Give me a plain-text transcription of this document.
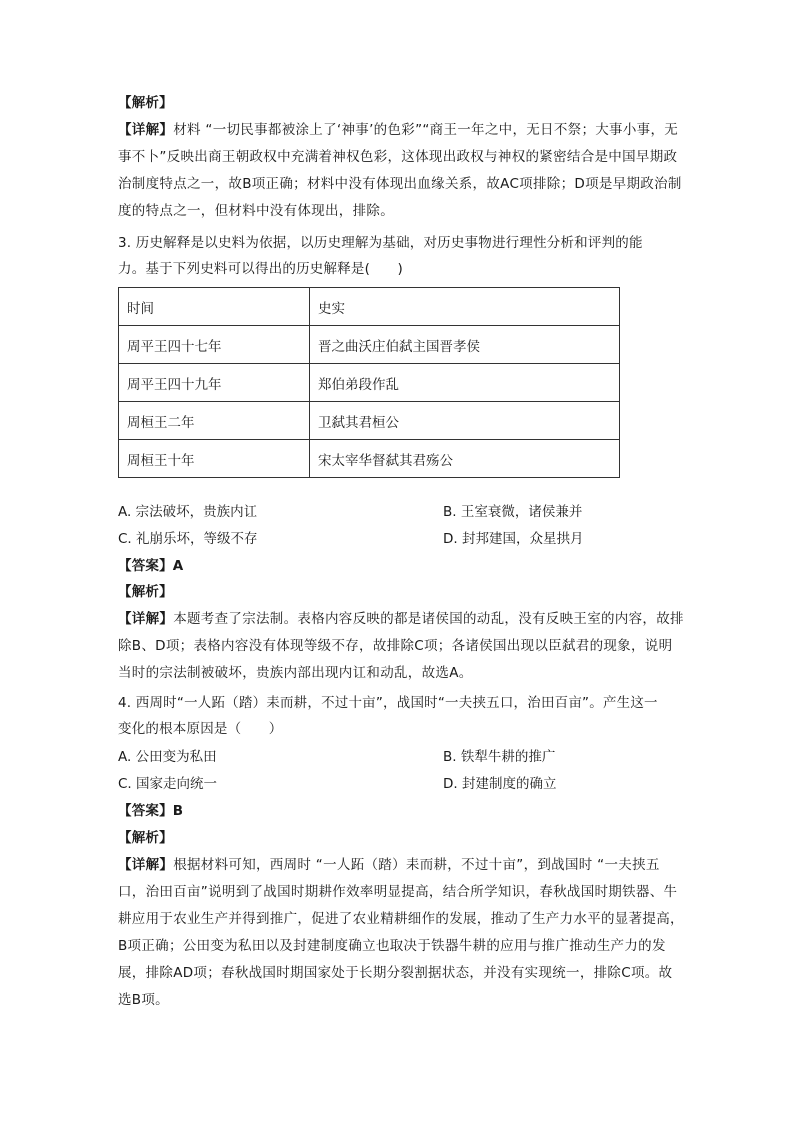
【解析】
【详解】材料 “一切民事都被涂上了‘神事’的色彩”“商王一年之中，无日不祭；大事小事，无事不卜”反映出商王朝政权中充满着神权色彩，这体现出政权与神权的紧密结合是中国早期政治制度特点之一，故B项正确；材料中没有体现出血缘关系，故AC项排除；D项是早期政治制度的特点之一，但材料中没有体现出，排除。
3. 历史解释是以史料为依据，以历史理解为基础，对历史事物进行理性分析和评判的能
力。基于下列史料可以得出的历史解释是(　　)
时间	史实
周平王四十七年	晋之曲沃庄伯弑主国晋孝侯
周平王四十九年	郑伯弟段作乱
周桓王二年	卫弑其君桓公
周桓王十年	宋太宰华督弑其君殇公
A. 宗法破坏，贵族内讧	B. 王室衰微，诸侯兼并
C. 礼崩乐坏，等级不存	D. 封邦建国，众星拱月
【答案】A
【解析】
【详解】本题考查了宗法制。表格内容反映的都是诸侯国的动乱，没有反映王室的内容，故排除B、D项；表格内容没有体现等级不存，故排除C项；各诸侯国出现以臣弑君的现象，说明当时的宗法制被破坏，贵族内部出现内讧和动乱，故选A。
4. 西周时“一人跖（踏）耒而耕，不过十亩”，战国时“一夫挟五口，治田百亩”。产生这一
变化的根本原因是（　　）
A. 公田变为私田	B. 铁犁牛耕的推广
C. 国家走向统一	D. 封建制度的确立
【答案】B
【解析】
【详解】根据材料可知，西周时 “一人跖（踏）耒而耕，不过十亩”，到战国时 “一夫挟五口，治田百亩”说明到了战国时期耕作效率明显提高，结合所学知识，春秋战国时期铁器、牛耕应用于农业生产并得到推广，促进了农业精耕细作的发展，推动了生产力水平的显著提高，B项正确；公田变为私田以及封建制度确立也取决于铁器牛耕的应用与推广推动生产力的发展，排除AD项；春秋战国时期国家处于长期分裂割据状态，并没有实现统一，排除C项。故选B项。
